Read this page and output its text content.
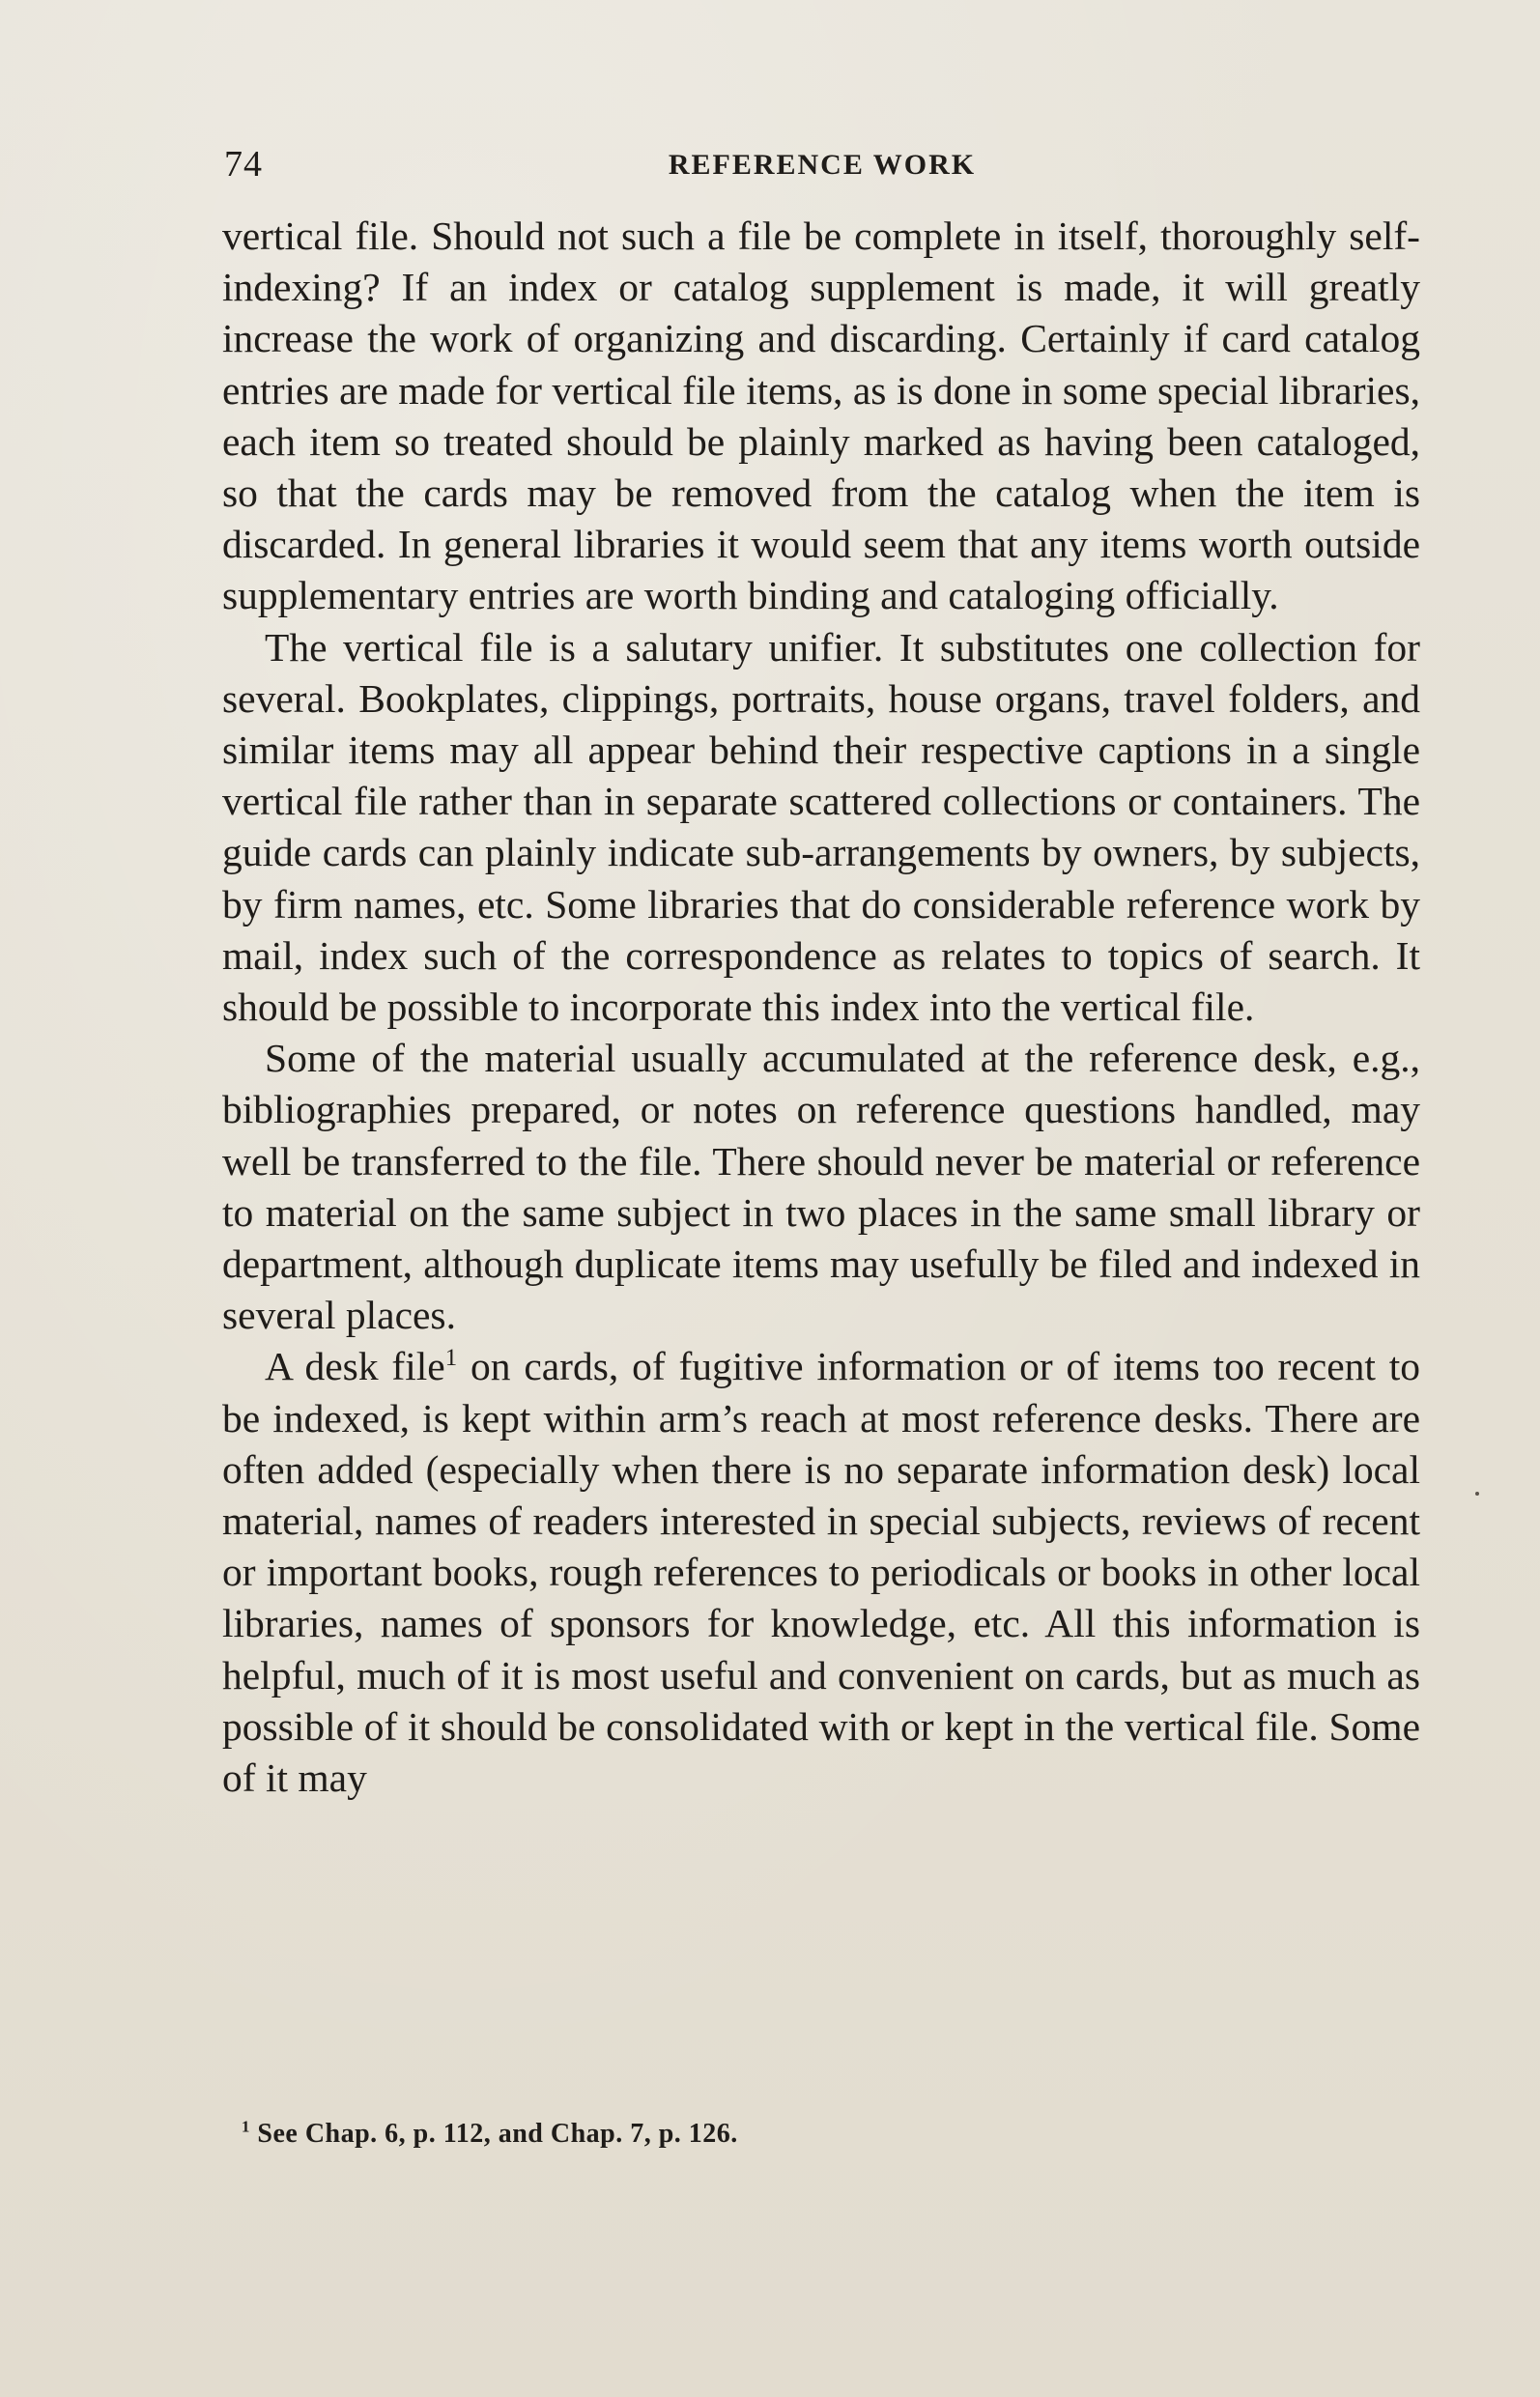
74	REFERENCE WORK

vertical file. Should not such a file be complete in itself, thoroughly self-indexing? If an index or catalog supplement is made, it will greatly increase the work of organizing and discarding. Certainly if card catalog entries are made for vertical file items, as is done in some special libraries, each item so treated should be plainly marked as having been cataloged, so that the cards may be removed from the catalog when the item is discarded. In general libraries it would seem that any items worth outside supplementary entries are worth binding and cataloging officially.

The vertical file is a salutary unifier. It substitutes one collection for several. Bookplates, clippings, portraits, house organs, travel folders, and similar items may all appear behind their respective captions in a single vertical file rather than in separate scattered collections or containers. The guide cards can plainly indicate sub-arrangements by owners, by subjects, by firm names, etc. Some libraries that do considerable reference work by mail, index such of the correspondence as relates to topics of search. It should be possible to incorporate this index into the vertical file.

Some of the material usually accumulated at the reference desk, e.g., bibliographies prepared, or notes on reference questions handled, may well be transferred to the file. There should never be material or reference to material on the same subject in two places in the same small library or department, although duplicate items may usefully be filed and indexed in several places.

A desk file$^1$ on cards, of fugitive information or of items too recent to be indexed, is kept within arm’s reach at most reference desks. There are often added (especially when there is no separate information desk) local material, names of readers interested in special subjects, reviews of recent or important books, rough references to periodicals or books in other local libraries, names of sponsors for knowledge, etc. All this information is helpful, much of it is most useful and convenient on cards, but as much as possible of it should be consolidated with or kept in the vertical file. Some of it may

$^1$ See Chap. 6, p. 112, and Chap. 7, p. 126.
